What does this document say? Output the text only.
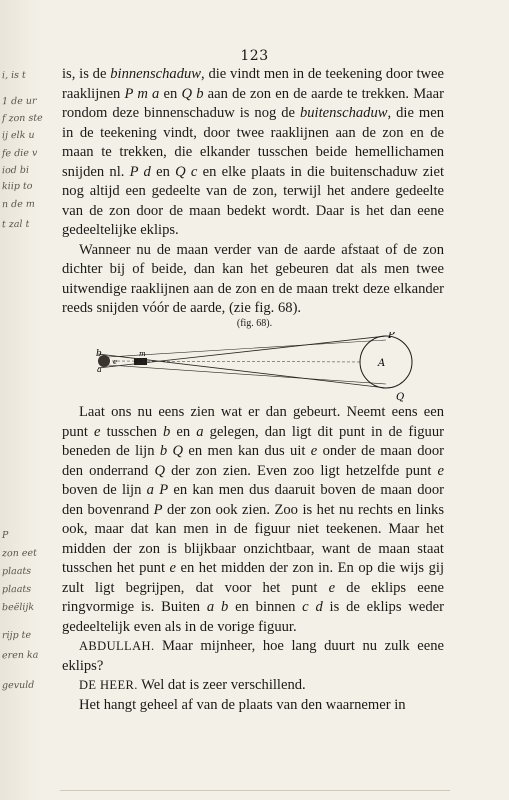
i, is t
1 de ur
f zon ste
ij elk u
fe die v
iod bi
kiip to
n de m
t zal t
P
zon eet
plaats
plaats
beëlijk
rijp te
eren ka
gevuld
123

is, is de binnenschaduw, die vindt men in de teekening door twee raaklijnen P m a en Q b aan de zon en de aarde te trekken. Maar rondom deze binnenschaduw is nog de buitenschaduw, die men in de teekening vindt, door twee raaklijnen aan de zon en de maan te trekken, die elkander tusschen beide hemellichamen snijden nl. P d en Q c en elke plaats in die buitenschaduw ziet nog altijd een gedeelte van de zon, terwijl het andere gedeelte van de zon door de maan bedekt wordt. Daar is het dan eene gedeeltelijke eklips.

Wanneer nu de maan verder van de aarde afstaat of de zon dichter bij of beide, dan kan het gebeuren dat als men twee uitwendige raaklijnen aan de zon en de maan trekt deze elkander reeds snijden vóór de aarde, (zie fig. 68).

(fig. 68).
b
e
a
m
A
P
Q

Laat ons nu eens zien wat er dan gebeurt. Neemt eens een punt e tusschen b en a gelegen, dan ligt dit punt in de figuur beneden de lijn b Q en men kan dus uit e onder de maan door den onderrand Q der zon zien. Even zoo ligt hetzelfde punt e boven de lijn a P en kan men dus daaruit boven de maan door den bovenrand P der zon ook zien. Zoo is het nu rechts en links ook, maar dat kan men in de figuur niet teekenen. Maar het midden der zon is blijkbaar onzichtbaar, want de maan staat tusschen het punt e en het midden der zon in. En op die wijs gij zult ligt begrijpen, dat voor het punt e de eklips eene ringvormige is. Buiten a b en binnen c d is de eklips weder gedeeltelijk even als in de vorige figuur.

ABDULLAH. Maar mijnheer, hoe lang duurt nu zulk eene eklips?

DE HEER. Wel dat is zeer verschillend.

Het hangt geheel af van de plaats van den waarnemer in
